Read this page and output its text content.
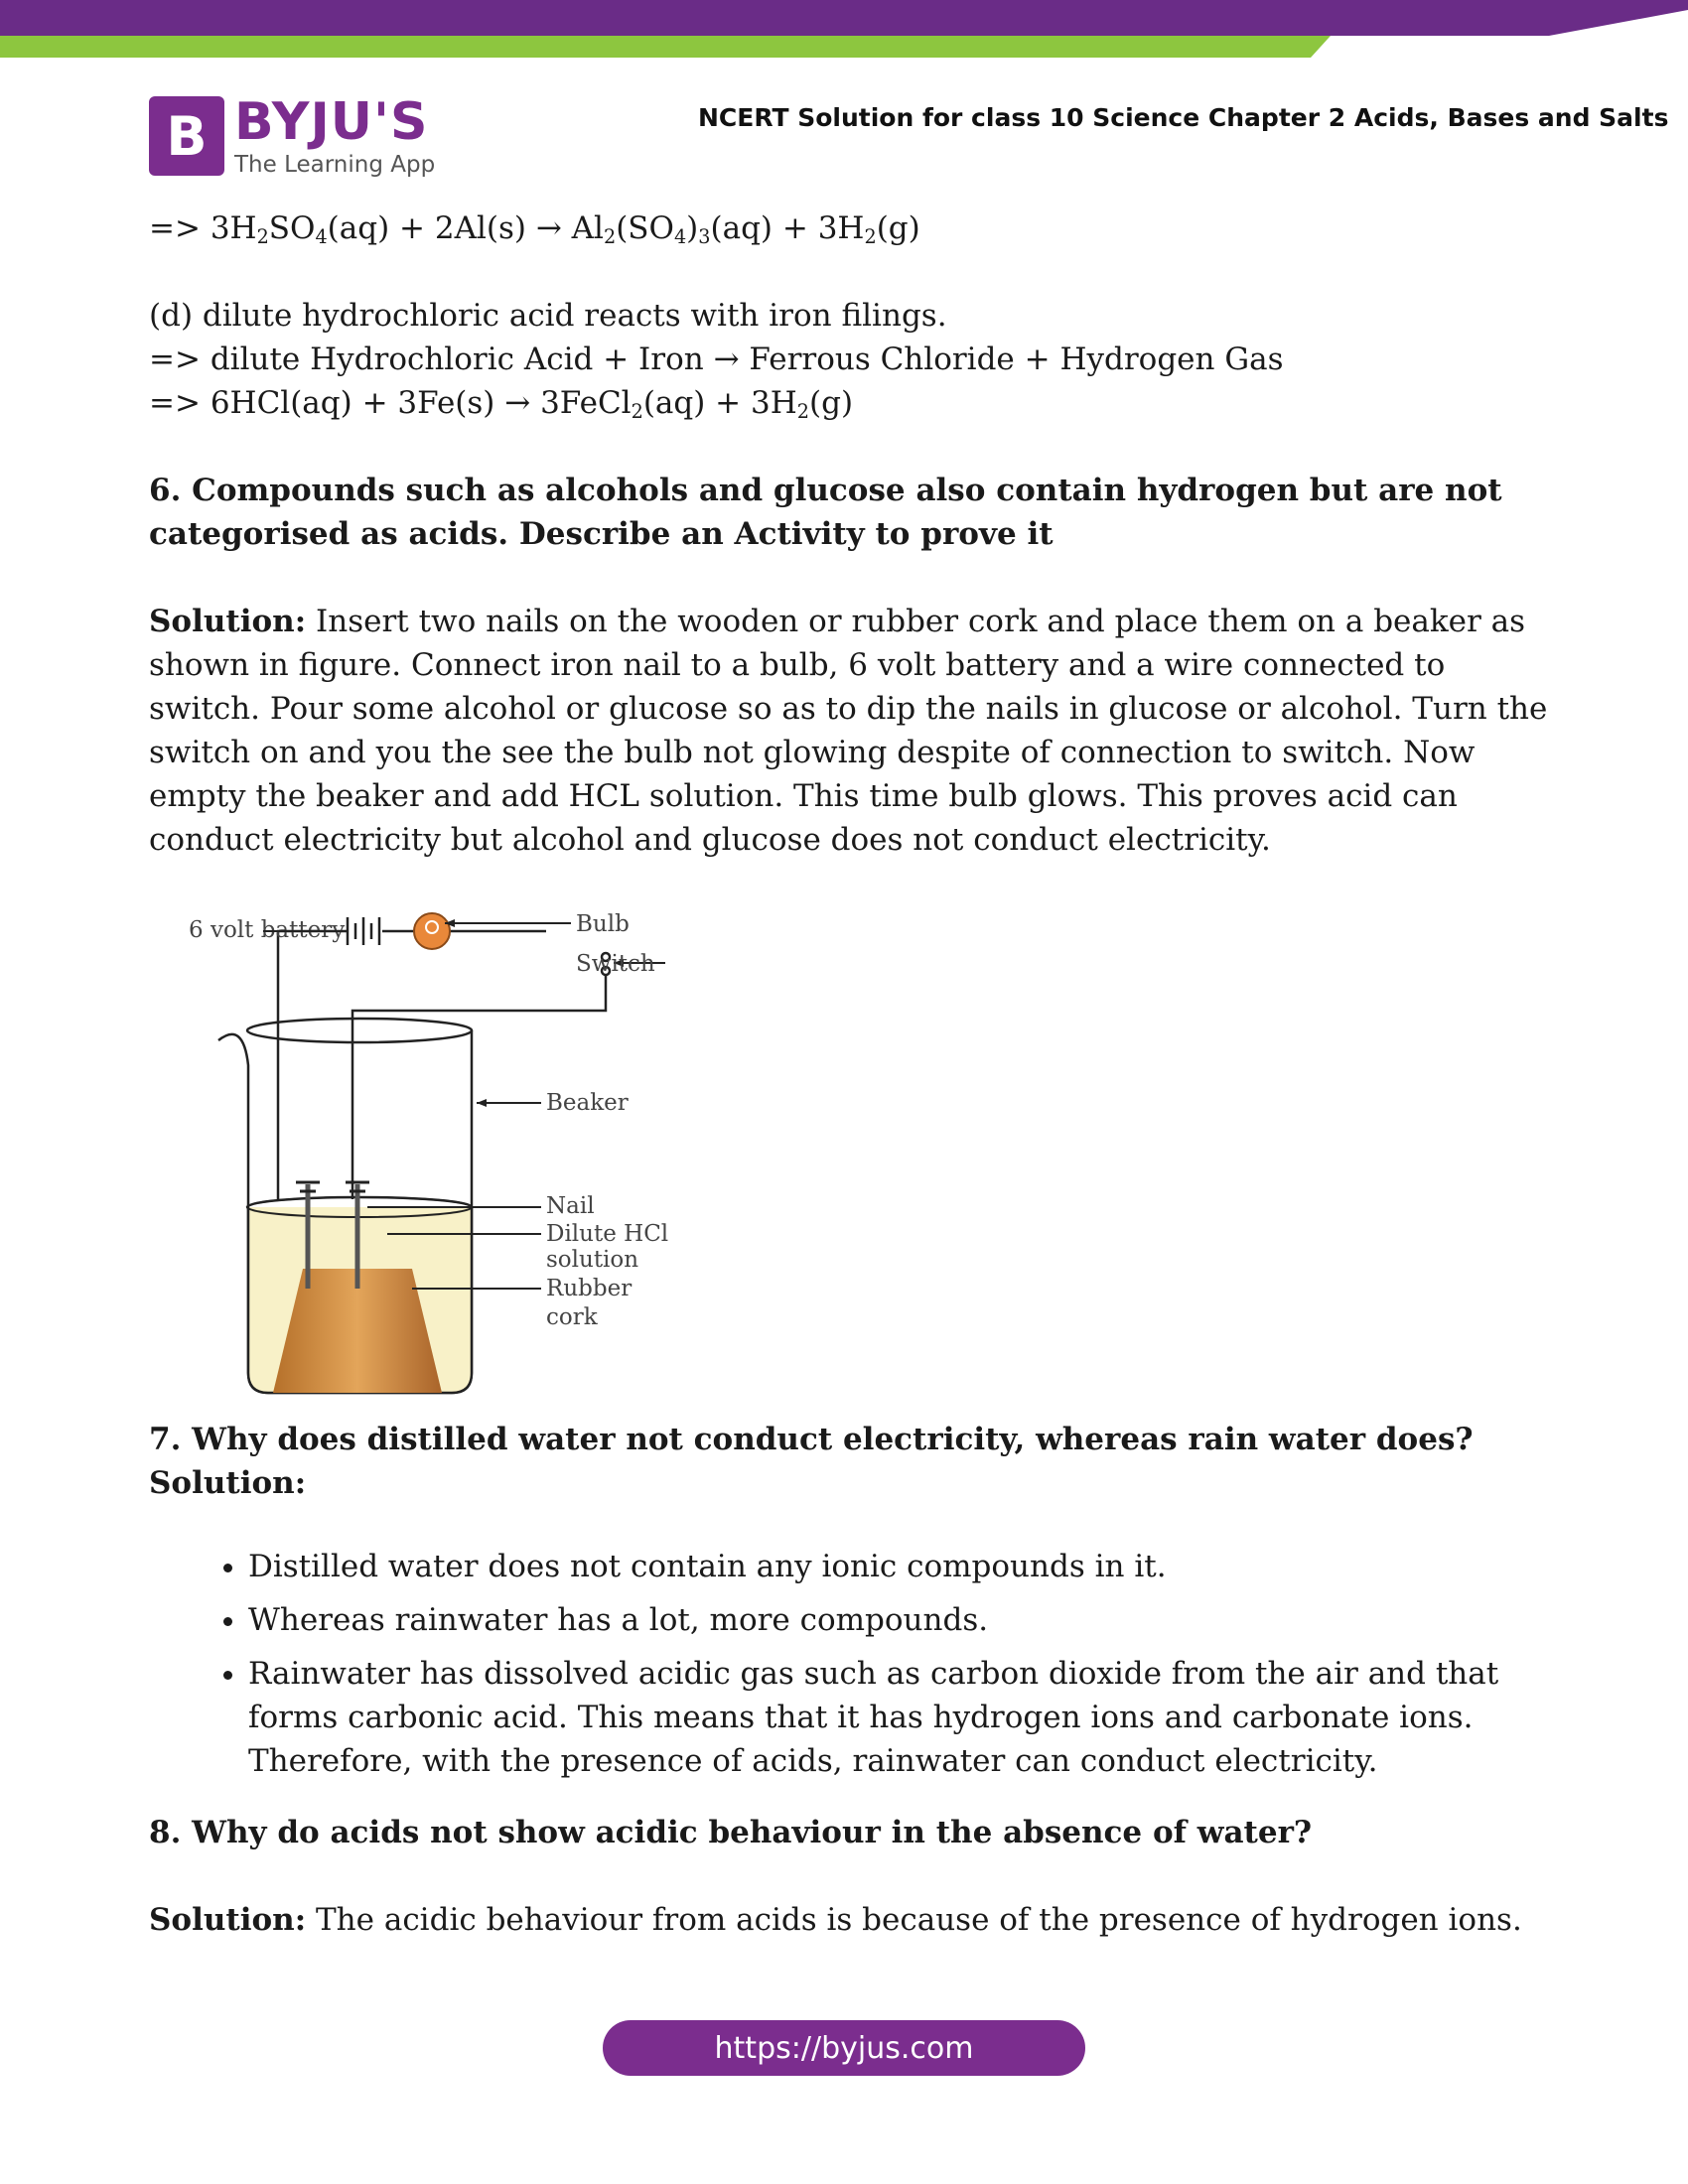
B BYJU'S
The Learning App
NCERT Solution for class 10 Science Chapter 2 Acids, Bases and Salts

=> $3H_2SO_4(aq) + 2Al(s) \to Al_2(SO_4)_3(aq) + 3H_2(g)$

(d) dilute hydrochloric acid reacts with iron filings.

=> dilute Hydrochloric Acid + Iron → Ferrous Chloride + Hydrogen Gas

=> 6HCl(aq) + 3Fe(s) → 3FeCl$_2$(aq) + $3H_2(g)$

6. Compounds such as alcohols and glucose also contain hydrogen but are not

categorised as acids. Describe an Activity to prove it

Solution: Insert two nails on the wooden or rubber cork and place them on a beaker as shown in figure. Connect iron nail to a bulb, 6 volt battery and a wire connected to switch. Pour some alcohol or glucose so as to dip the nails in glucose or alcohol. Turn the switch on and you the see the bulb not glowing despite of connection to switch. Now empty the beaker and add HCL solution. This time bulb glows. This proves acid can conduct electricity but alcohol and glucose does not conduct electricity.

6 volt battery	Bulb
Switch
Beaker
Nail
Dilute HCl
solution
Rubber
cork

7. Why does distilled water not conduct electricity, whereas rain water does?

Solution:

• Distilled water does not contain any ionic compounds in it.
• Whereas rainwater has a lot, more compounds.
• Rainwater has dissolved acidic gas such as carbon dioxide from the air and that forms carbonic acid. This means that it has hydrogen ions and carbonate ions. Therefore, with the presence of acids, rainwater can conduct electricity.

8. Why do acids not show acidic behaviour in the absence of water?

Solution: The acidic behaviour from acids is because of the presence of hydrogen ions.

https://byjus.com
